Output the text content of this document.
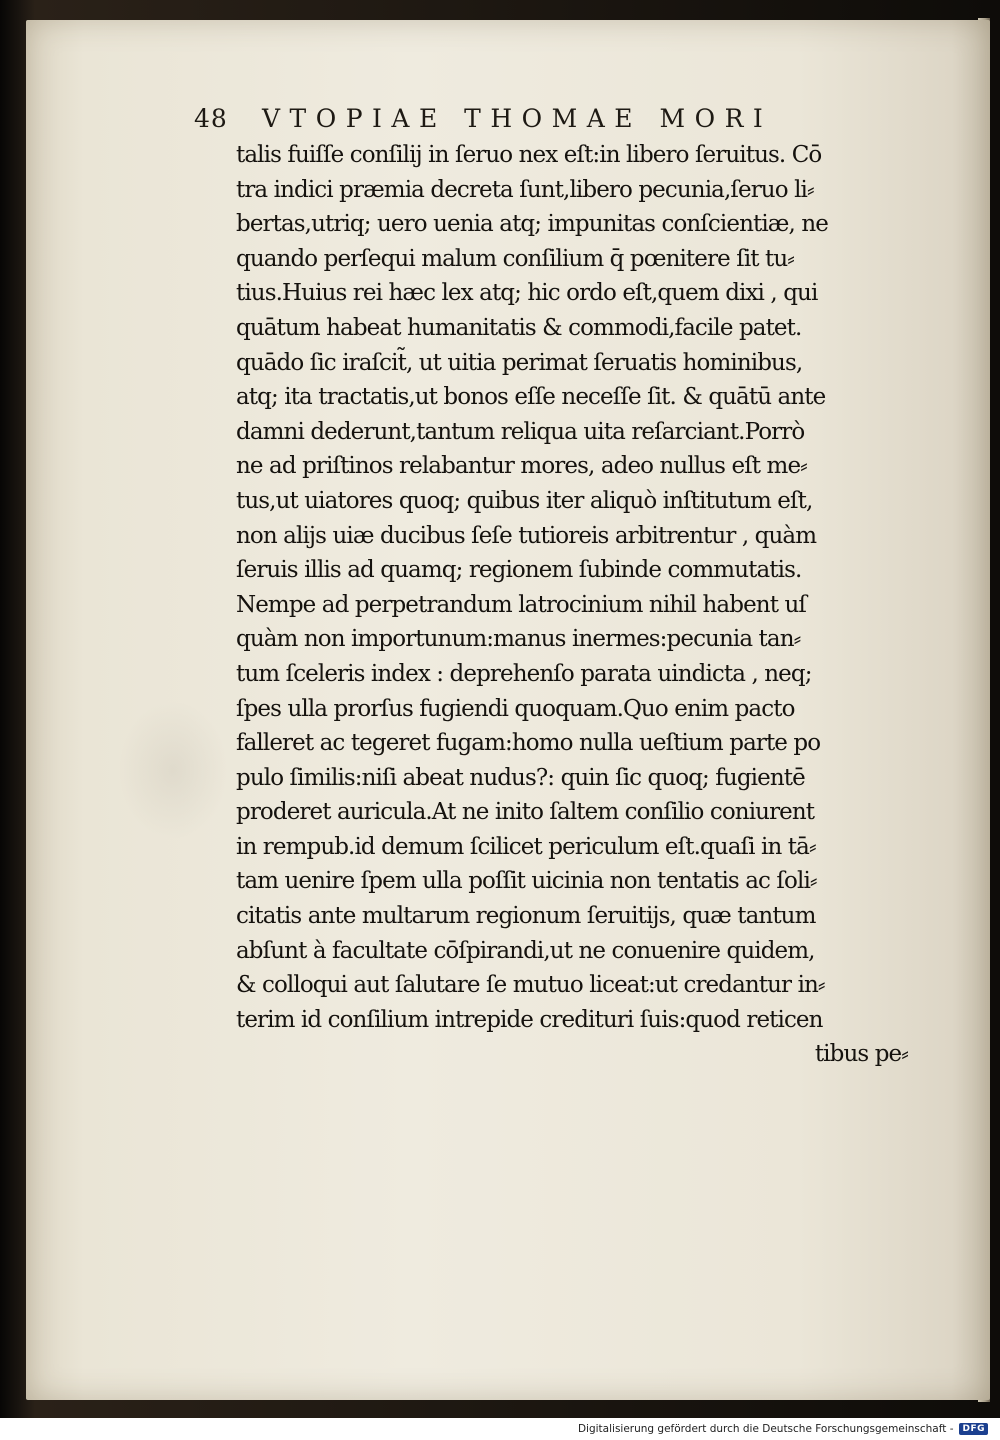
48	VTOPIAE THOMAE MORI
talis fuiſſe conſilij in ſeruo nex eſt:in libero ſeruitus. Cō
tra indici præmia decreta ſunt,libero pecunia,ſeruo li⸗
bertas,utriq; uero uenia atq; impunitas conſcientiæ, ne
quando perſequi malum conſilium q̄ pœnitere ſit tu⸗
tius.Huius rei hæc lex atq; hic ordo eſt,quem dixi , qui
quātum habeat humanitatis & commodi,facile patet.
quādo ſic iraſcit̃, ut uitia perimat ſeruatis hominibus,
atq; ita tractatis,ut bonos eſſe neceſſe ſit. & quātū ante
damni dederunt,tantum reliqua uita reſarciant.Porrò
ne ad priſtinos relabantur mores, adeo nullus eſt me⸗
tus,ut uiatores quoq; quibus iter aliquò inſtitutum eſt,
non alijs uiæ ducibus ſeſe tutioreis arbitrentur , quàm
ſeruis illis ad quamq; regionem ſubinde commutatis.
Nempe ad perpetrandum latrocinium nihil habent uſ
quàm non importunum:manus inermes:pecunia tan⸗
tum ſceleris index : deprehenſo parata uindicta , neq;
ſpes ulla prorſus fugiendi quoquam.Quo enim pacto
falleret ac tegeret fugam:homo nulla ueſtium parte po
pulo ſimilis:niſi abeat nudus?: quin ſic quoq; fugientē
proderet auricula.At ne inito ſaltem conſilio coniurent
in rempub.id demum ſcilicet periculum eſt.quaſi in tā⸗
tam uenire ſpem ulla poſſit uicinia non tentatis ac ſoli⸗
citatis ante multarum regionum ſeruitijs, quæ tantum
abſunt à facultate cōſpirandi,ut ne conuenire quidem,
& colloqui aut ſalutare ſe mutuo liceat:ut credantur in⸗
terim id conſilium intrepide credituri ſuis:quod reticen
tibus pe⸗
Digitalisierung gefördert durch die Deutsche Forschungsgemeinschaft -	DFG
